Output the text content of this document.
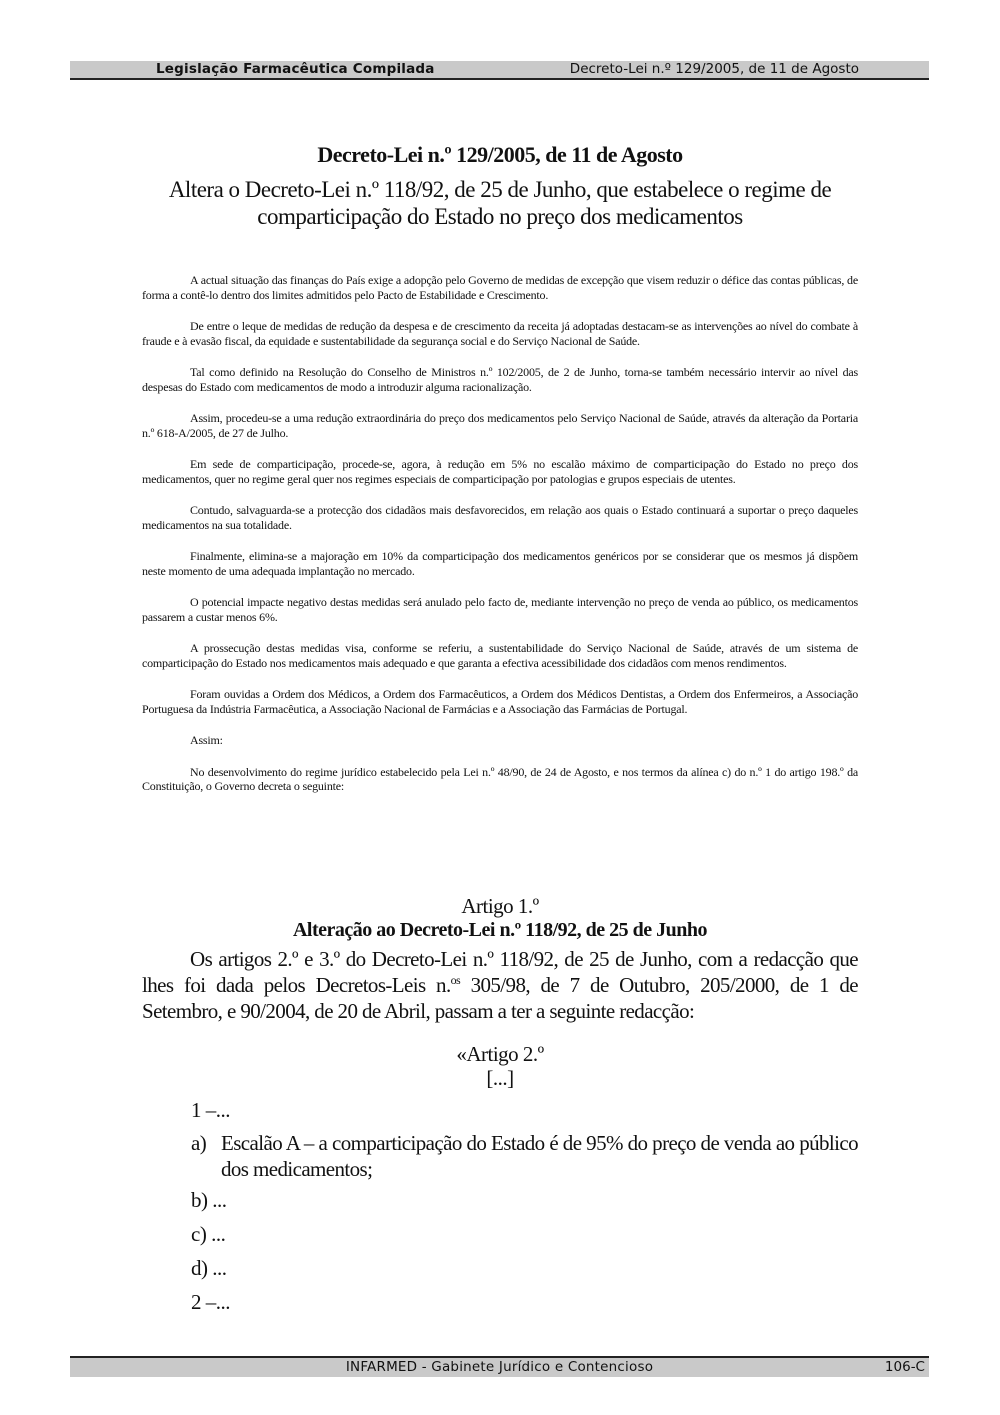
Legislação Farmacêutica Compilada	Decreto-Lei n.º 129/2005, de 11 de Agosto
Decreto-Lei n.º 129/2005, de 11 de Agosto
Altera o Decreto-Lei n.º 118/92, de 25 de Junho, que estabelece o regime de comparticipação do Estado no preço dos medicamentos

A actual situação das finanças do País exige a adopção pelo Governo de medidas de excepção que visem reduzir o défice das contas públicas, de forma a contê-lo dentro dos limites admitidos pelo Pacto de Estabilidade e Crescimento.

De entre o leque de medidas de redução da despesa e de crescimento da receita já adoptadas destacam-se as intervenções ao nível do combate à fraude e à evasão fiscal, da equidade e sustentabilidade da segurança social e do Serviço Nacional de Saúde.

Tal como definido na Resolução do Conselho de Ministros n.º 102/2005, de 2 de Junho, torna-se também necessário intervir ao nível das despesas do Estado com medicamentos de modo a introduzir alguma racionalização.

Assim, procedeu-se a uma redução extraordinária do preço dos medicamentos pelo Serviço Nacional de Saúde, através da alteração da Portaria n.º 618-A/2005, de 27 de Julho.

Em sede de comparticipação, procede-se, agora, à redução em 5% no escalão máximo de comparticipação do Estado no preço dos medicamentos, quer no regime geral quer nos regimes especiais de comparticipação por patologias e grupos especiais de utentes.

Contudo, salvaguarda-se a protecção dos cidadãos mais desfavorecidos, em relação aos quais o Estado continuará a suportar o preço daqueles medicamentos na sua totalidade.

Finalmente, elimina-se a majoração em 10% da comparticipação dos medicamentos genéricos por se considerar que os mesmos já dispõem neste momento de uma adequada implantação no mercado.

O potencial impacte negativo destas medidas será anulado pelo facto de, mediante intervenção no preço de venda ao público, os medicamentos passarem a custar menos 6%.

A prossecução destas medidas visa, conforme se referiu, a sustentabilidade do Serviço Nacional de Saúde, através de um sistema de comparticipação do Estado nos medicamentos mais adequado e que garanta a efectiva acessibilidade dos cidadãos com menos rendimentos.

Foram ouvidas a Ordem dos Médicos, a Ordem dos Farmacêuticos, a Ordem dos Médicos Dentistas, a Ordem dos Enfermeiros, a Associação Portuguesa da Indústria Farmacêutica, a Associação Nacional de Farmácias e a Associação das Farmácias de Portugal.

Assim:

No desenvolvimento do regime jurídico estabelecido pela Lei n.º 48/90, de 24 de Agosto, e nos termos da alínea c) do n.º 1 do artigo 198.º da Constituição, o Governo decreta o seguinte:

Artigo 1.º
Alteração ao Decreto-Lei n.º 118/92, de 25 de Junho

Os artigos 2.º e 3.º do Decreto-Lei n.º 118/92, de 25 de Junho, com a redacção que lhes foi dada pelos Decretos-Leis n.$^{os}$ 305/98, de 7 de Outubro, 205/2000, de 1 de Setembro, e 90/2004, de 20 de Abril, passam a ter a seguinte redacção:

«Artigo 2.º
[...]
1 –...
a) Escalão A – a comparticipação do Estado é de 95% do preço de venda ao público dos medicamentos;
b) ...
c) ...
d) ...
2 –...
INFARMED - Gabinete Jurídico e Contencioso	106-C
